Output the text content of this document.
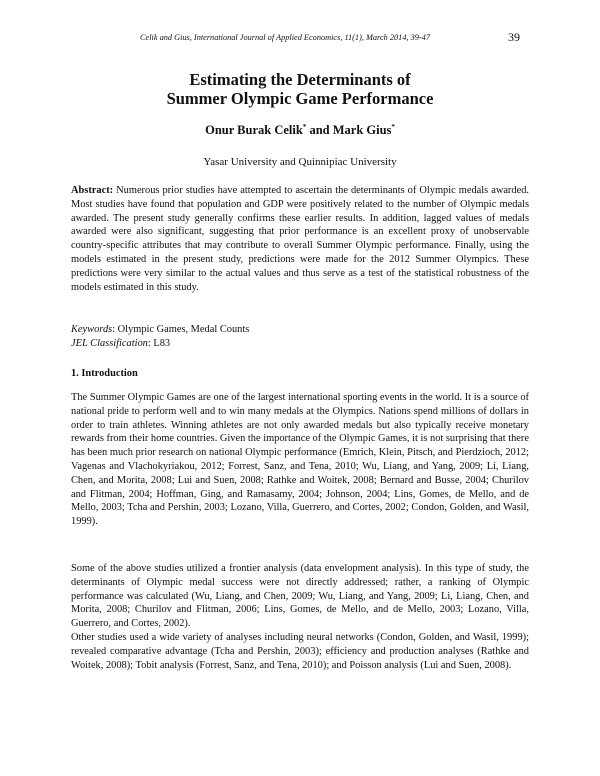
Celik and Gius, International Journal of Applied Economics, 11(1), March 2014, 39-47	39
Estimating the Determinants of
Summer Olympic Game Performance
Onur Burak Celik* and Mark Gius*
Yasar University and Quinnipiac University
Abstract: Numerous prior studies have attempted to ascertain the determinants of Olympic medals awarded. Most studies have found that population and GDP were positively related to the number of Olympic medals awarded. The present study generally confirms these earlier results. In addition, lagged values of medals awarded were also significant, suggesting that prior performance is an excellent proxy of unobservable country-specific attributes that may contribute to overall Summer Olympic performance. Finally, using the models estimated in the present study, predictions were made for the 2012 Summer Olympics. These predictions were very similar to the actual values and thus serve as a test of the statistical robustness of the models estimated in this study.
Keywords: Olympic Games, Medal Counts
JEL Classification: L83
1. Introduction
The Summer Olympic Games are one of the largest international sporting events in the world. It is a source of national pride to perform well and to win many medals at the Olympics. Nations spend millions of dollars in order to train athletes. Winning athletes are not only awarded medals but also typically receive monetary rewards from their home countries. Given the importance of the Olympic Games, it is not surprising that there has been much prior research on national Olympic performance (Emrich, Klein, Pitsch, and Pierdzioch, 2012; Vagenas and Vlachokyriakou, 2012; Forrest, Sanz, and Tena, 2010; Wu, Liang, and Yang, 2009; Li, Liang, Chen, and Morita, 2008; Lui and Suen, 2008; Rathke and Woitek, 2008; Bernard and Busse, 2004; Churilov and Flitman, 2004; Hoffman, Ging, and Ramasamy, 2004; Johnson, 2004; Lins, Gomes, de Mello, and de Mello, 2003; Tcha and Pershin, 2003; Lozano, Villa, Guerrero, and Cortes, 2002; Condon, Golden, and Wasil, 1999).
Some of the above studies utilized a frontier analysis (data envelopment analysis). In this type of study, the determinants of Olympic medal success were not directly addressed; rather, a ranking of Olympic performance was calculated (Wu, Liang, and Chen, 2009; Wu, Liang, and Yang, 2009; Li, Liang, Chen, and Morita, 2008; Churilov and Flitman, 2006; Lins, Gomes, de Mello, and de Mello, 2003; Lozano, Villa, Guerrero, and Cortes, 2002).
Other studies used a wide variety of analyses including neural networks (Condon, Golden, and Wasil, 1999); revealed comparative advantage (Tcha and Pershin, 2003); efficiency and production analyses (Rathke and Woitek, 2008); Tobit analysis (Forrest, Sanz, and Tena, 2010); and Poisson analysis (Lui and Suen, 2008).
